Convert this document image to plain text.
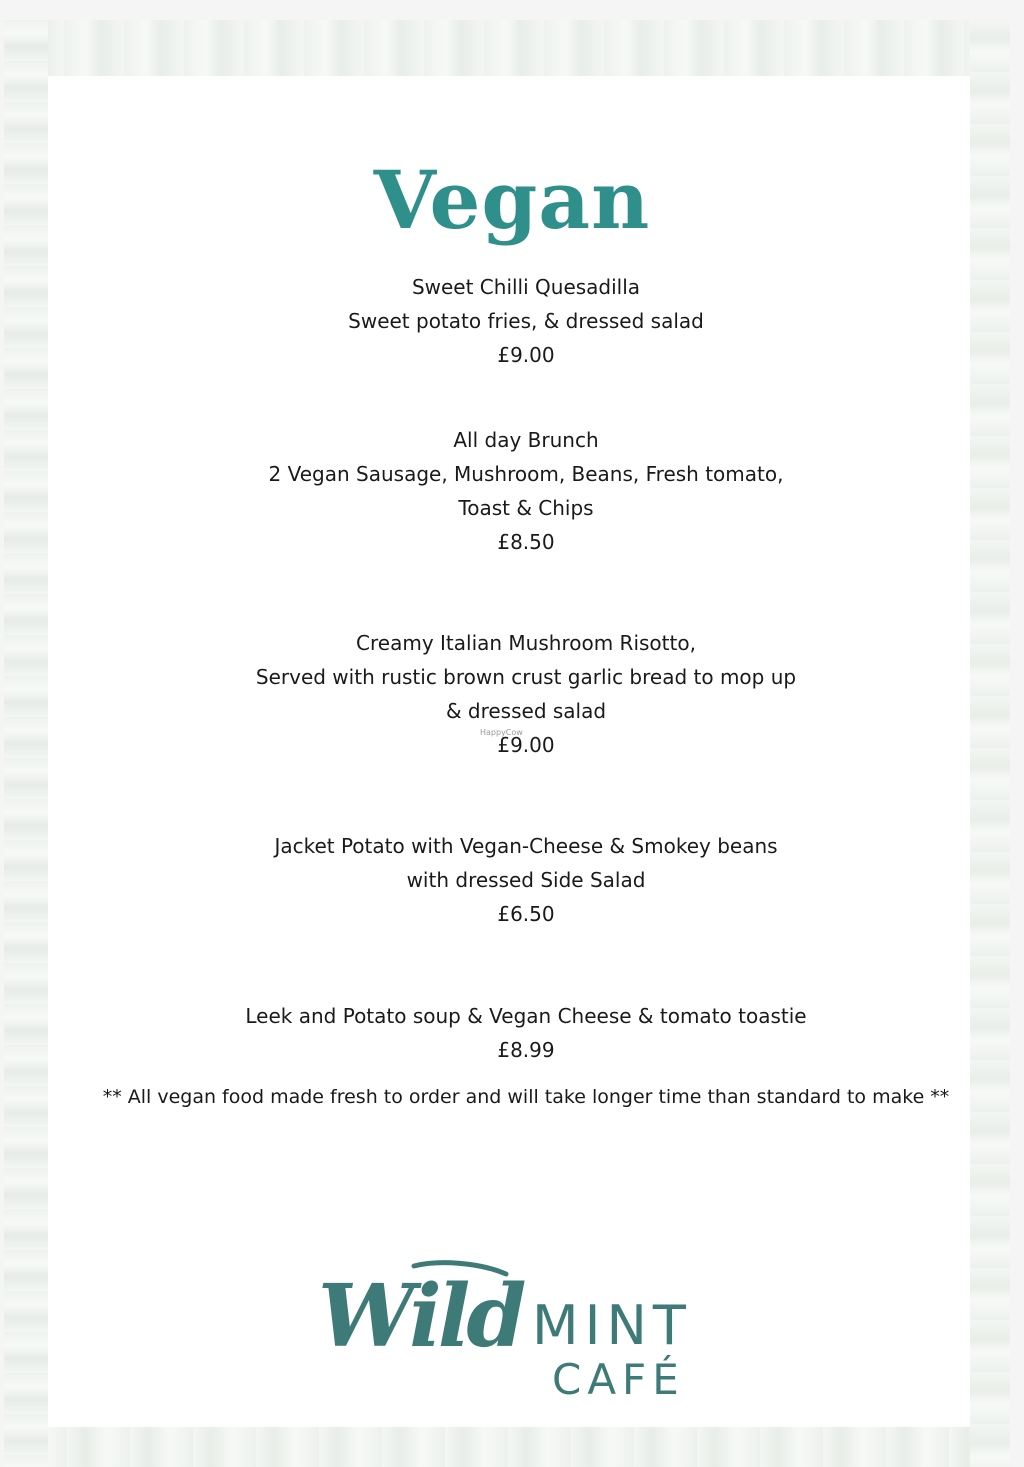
Vegan
Sweet Chilli Quesadilla
Sweet potato fries, & dressed salad
£9.00
All day Brunch
2 Vegan Sausage, Mushroom, Beans, Fresh tomato,
Toast & Chips
£8.50
Creamy Italian Mushroom Risotto,
Served with rustic brown crust garlic bread to mop up
& dressed salad
£9.00
Jacket Potato with Vegan-Cheese & Smokey beans
with dressed Side Salad
£6.50
Leek and Potato soup & Vegan Cheese & tomato toastie
£8.99
HappyCow
** All vegan food made fresh to order and will take longer time than standard to make **
Wild MINT
CAFÉ
